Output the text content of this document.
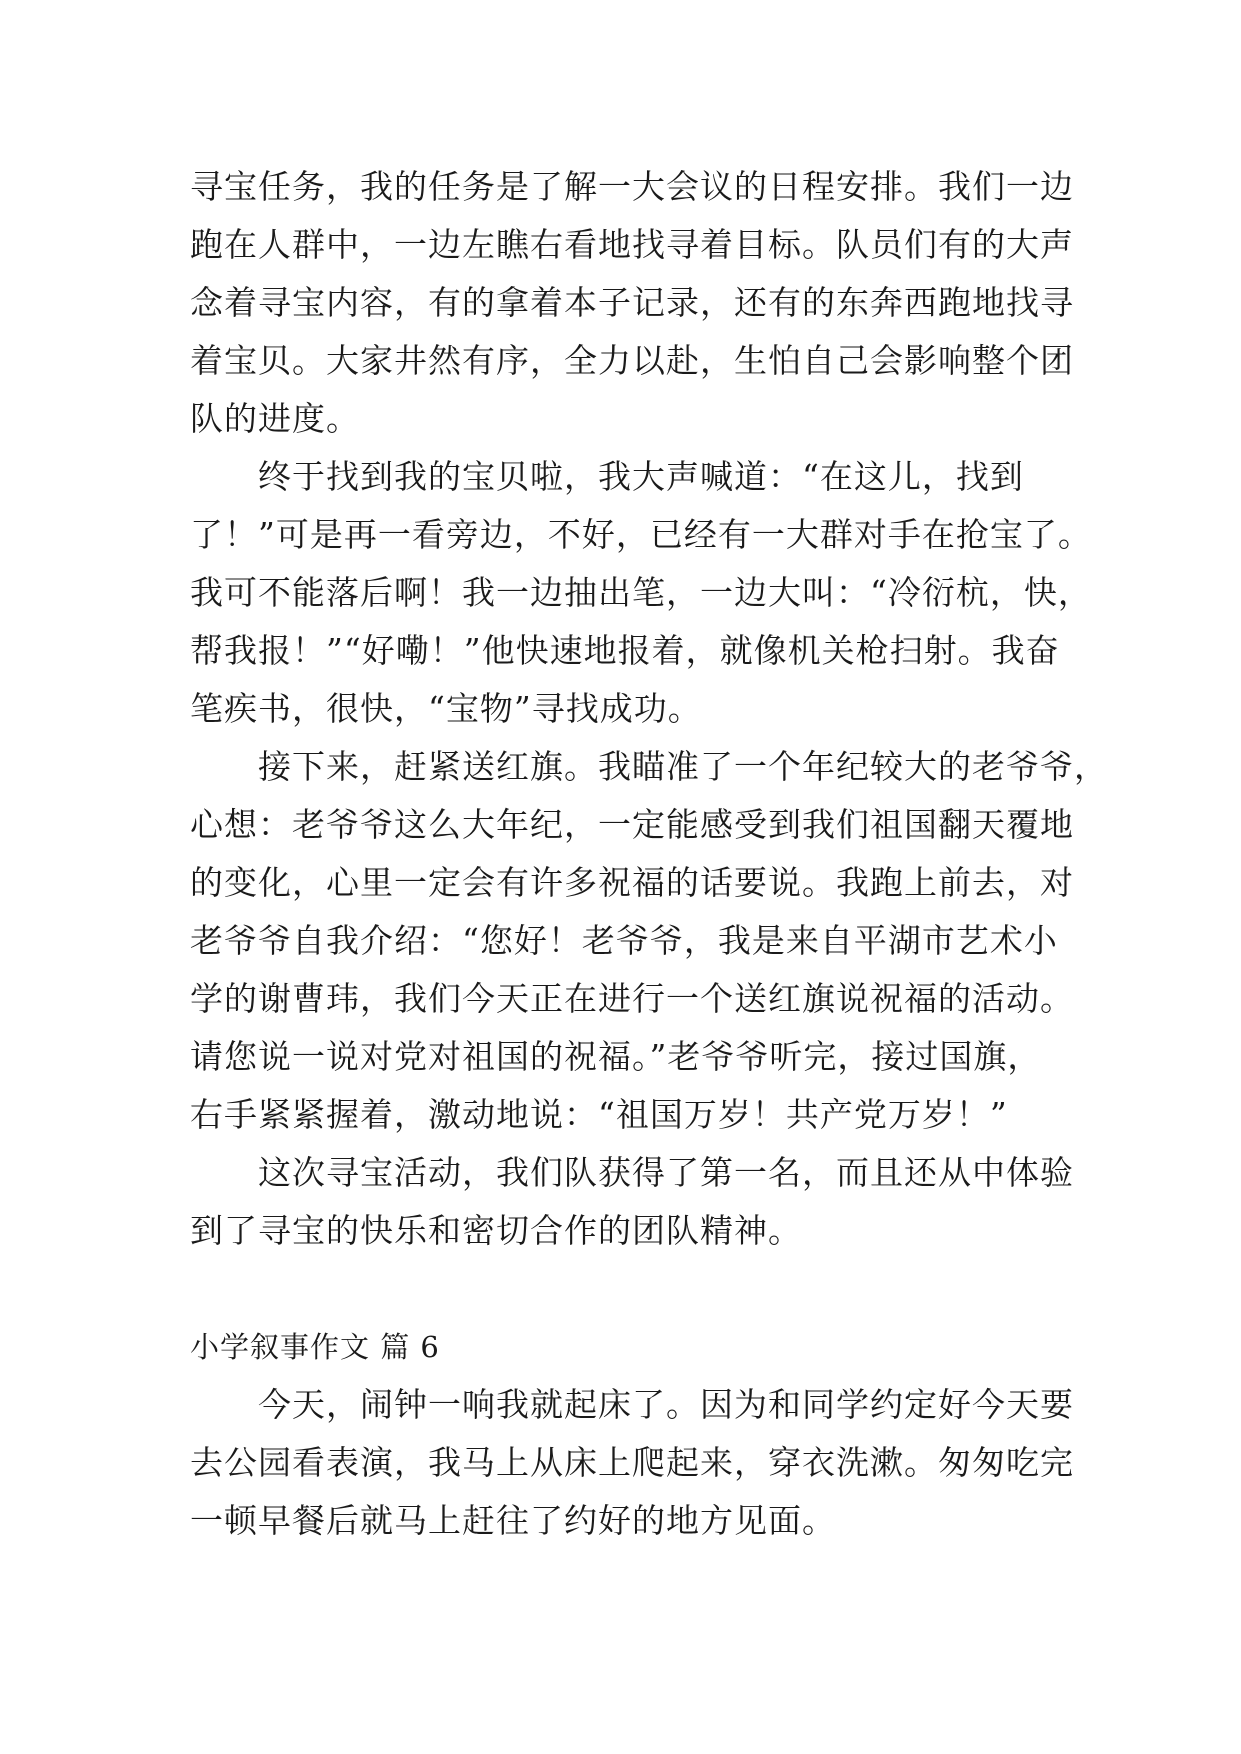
寻宝任务，我的任务是了解一大会议的日程安排。我们一边
跑在人群中，一边左瞧右看地找寻着目标。队员们有的大声
念着寻宝内容，有的拿着本子记录，还有的东奔西跑地找寻
着宝贝。大家井然有序，全力以赴，生怕自己会影响整个团
队的进度。
　　终于找到我的宝贝啦，我大声喊道：“在这儿，找到
了！”可是再一看旁边，不好，已经有一大群对手在抢宝了。
我可不能落后啊！我一边抽出笔，一边大叫：“冷衍杭，快，
帮我报！”“好嘞！”他快速地报着，就像机关枪扫射。我奋
笔疾书，很快，“宝物”寻找成功。
　　接下来，赶紧送红旗。我瞄准了一个年纪较大的老爷爷，
心想：老爷爷这么大年纪，一定能感受到我们祖国翻天覆地
的变化，心里一定会有许多祝福的话要说。我跑上前去，对
老爷爷自我介绍：“您好！老爷爷，我是来自平湖市艺术小
学的谢曹玮，我们今天正在进行一个送红旗说祝福的活动。
请您说一说对党对祖国的祝福。”老爷爷听完，接过国旗，
右手紧紧握着，激动地说：“祖国万岁！共产党万岁！”
　　这次寻宝活动，我们队获得了第一名，而且还从中体验
到了寻宝的快乐和密切合作的团队精神。
小学叙事作文 篇 6
　　今天，闹钟一响我就起床了。因为和同学约定好今天要
去公园看表演，我马上从床上爬起来，穿衣洗漱。匆匆吃完
一顿早餐后就马上赶往了约好的地方见面。
